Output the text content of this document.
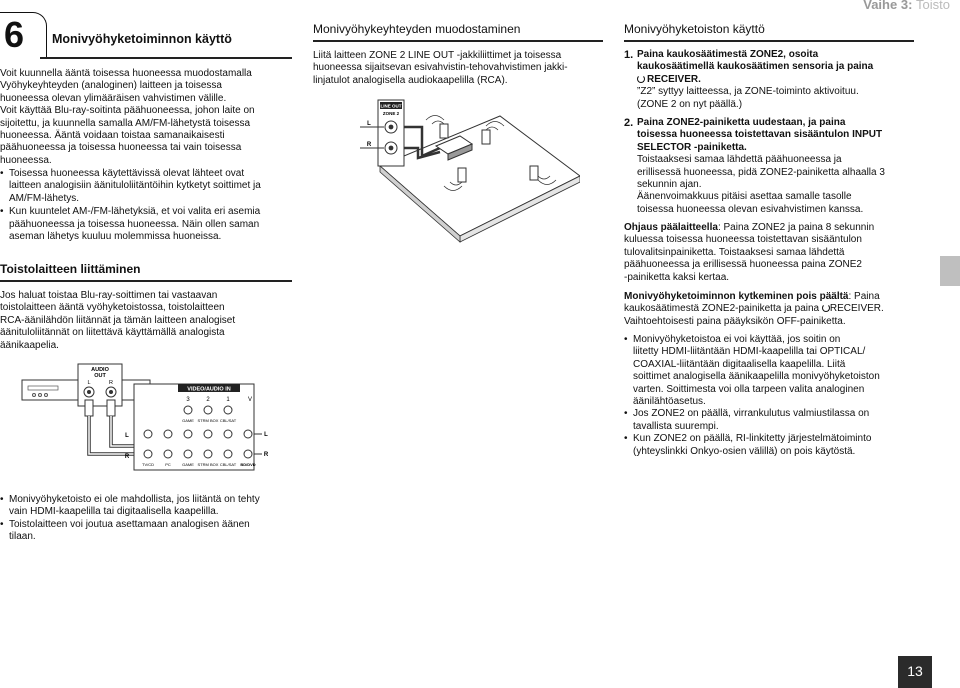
Vaihe 3: Toisto
6 Monivyöhyketoiminnon käyttö

Voit kuunnella ääntä toisessa huoneessa muodostamalla

Vyöhykeyhteyden (analoginen) laitteen ja toisessa

huoneessa olevan ylimääräisen vahvistimen välille.

Voit käyttää Blu-ray-soitinta päähuoneessa, johon laite on

sijoitettu, ja kuunnella samalla AM/FM-lähetystä toisessa

huoneessa. Ääntä voidaan toistaa samanaikaisesti

päähuoneessa ja toisessa huoneessa tai vain toisessa

huoneessa.

• Toisessa huoneessa käytettävissä olevat lähteet ovat
laitteen analogisiin äänituloliitäntöihin kytketyt soittimet ja
AM/FM-lähetys.
• Kun kuuntelet AM-/FM-lähetyksiä, et voi valita eri asemia
päähuoneessa ja toisessa huoneessa. Näin ollen saman
aseman lähetys kuuluu molemmissa huoneissa.
Toistolaitteen liittäminen

Jos haluat toistaa Blu-ray-soittimen tai vastaavan

toistolaitteen ääntä vyöhyketoistossa, toistolaitteen

RCA-äänilähdön liitännät ja tämän laitteen analogiset

äänituloliitännät on liitettävä käyttämällä analogista

äänikaapelia.

AUDIO
OUT
L	R
VIDEO/AUDIO IN
3	2	1	V
GAME STRM BOX CBL/SAT
L
R
TV/CD	PC	GAME STRM BOX CBL/SAT BD/DVD
L
R
• Monivyöhyketoisto ei ole mahdollista, jos liitäntä on tehty
vain HDMI-kaapelilla tai digitaalisella kaapelilla.
• Toistolaitteen voi joutua asettamaan analogisen äänen
tilaan.
Monivyöhykeyhteyden muodostaminen

Liitä laitteen ZONE 2 LINE OUT -jakkiliittimet ja toisessa

huoneessa sijaitsevan esivahvistin-tehovahvistimen jakki-

linjatulot analogisella audiokaapelilla (RCA).

LINE OUT
ZONE 2
L
R
Monivyöhyketoiston käyttö
1. Paina kaukosäätimestä ZONE2, osoita

kaukosäätimellä kaukosäätimen sensoria ja paina

RECEIVER.

”Z2” syttyy laitteessa, ja ZONE-toiminto aktivoituu.

(ZONE 2 on nyt päällä.)

2. Paina ZONE2-painiketta uudestaan, ja paina

toisessa huoneessa toistettavan sisääntulon INPUT

SELECTOR -painiketta.

Toistaaksesi samaa lähdettä päähuoneessa ja

erillisessä huoneessa, pidä ZONE2-painiketta alhaalla 3

sekunnin ajan.

Äänenvoimakkuus pitäisi asettaa samalle tasolle

toisessa huoneessa olevan esivahvistimen kanssa.

Ohjaus päälaitteella: Paina ZONE2 ja paina 8 sekunnin

kuluessa toisessa huoneessa toistettavan sisääntulon

tulovalitsinpainiketta. Toistaaksesi samaa lähdettä

päähuoneessa ja erillisessä huoneessa paina ZONE2

-painiketta kaksi kertaa.

Monivyöhyketoiminnon kytkeminen pois päältä: Paina

kaukosäätimestä ZONE2-painiketta ja paina RECEIVER.

Vaihtoehtoisesti paina pääyksikön OFF-painiketta.

• Monivyöhyketoistoa ei voi käyttää, jos soitin on
liitetty HDMI-liitäntään HDMI-kaapelilla tai OPTICAL/
COAXIAL-liitäntään digitaalisella kaapelilla. Liitä
soittimet analogisella äänikaapelilla monivyöhyketoiston
varten. Soittimesta voi olla tarpeen valita analoginen
äänilähtöasetus.
• Jos ZONE2 on päällä, virrankulutus valmiustilassa on
tavallista suurempi.
• Kun ZONE2 on päällä, RI-linkitetty järjestelmätoiminto
(yhteyslinkki Onkyo-osien välillä) on pois käytöstä.
13
